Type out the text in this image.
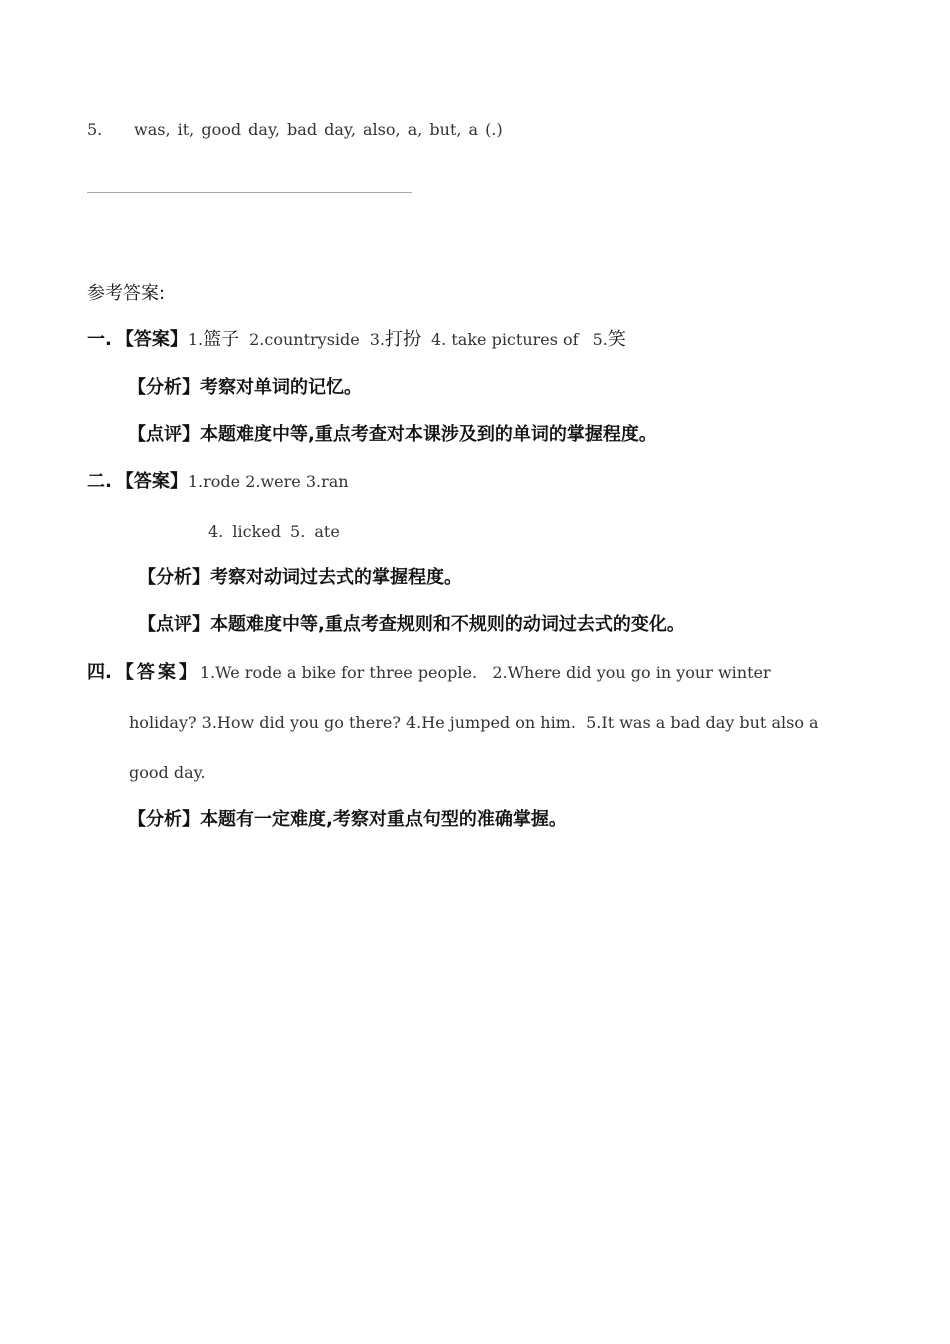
5. was, it, good day, bad day, also, a, but, a (.)
参考答案:
一. 【答案】1.篮子 2.countryside 3.打扮 4. take pictures of 5.笑
【分析】考察对单词的记忆。
【点评】本题难度中等,重点考查对本课涉及到的单词的掌握程度。
二. 【答案】1.rode 2.were 3.ran
4. licked 5. ate
【分析】考察对动词过去式的掌握程度。
【点评】本题难度中等,重点考查规则和不规则的动词过去式的变化。
四. 【答案】1.We rode a bike for three people.   2.Where did you go in your winter
holiday? 3.How did you go there? 4.He jumped on him.  5.It was a bad day but also a
good day.
【分析】本题有一定难度,考察对重点句型的准确掌握。
